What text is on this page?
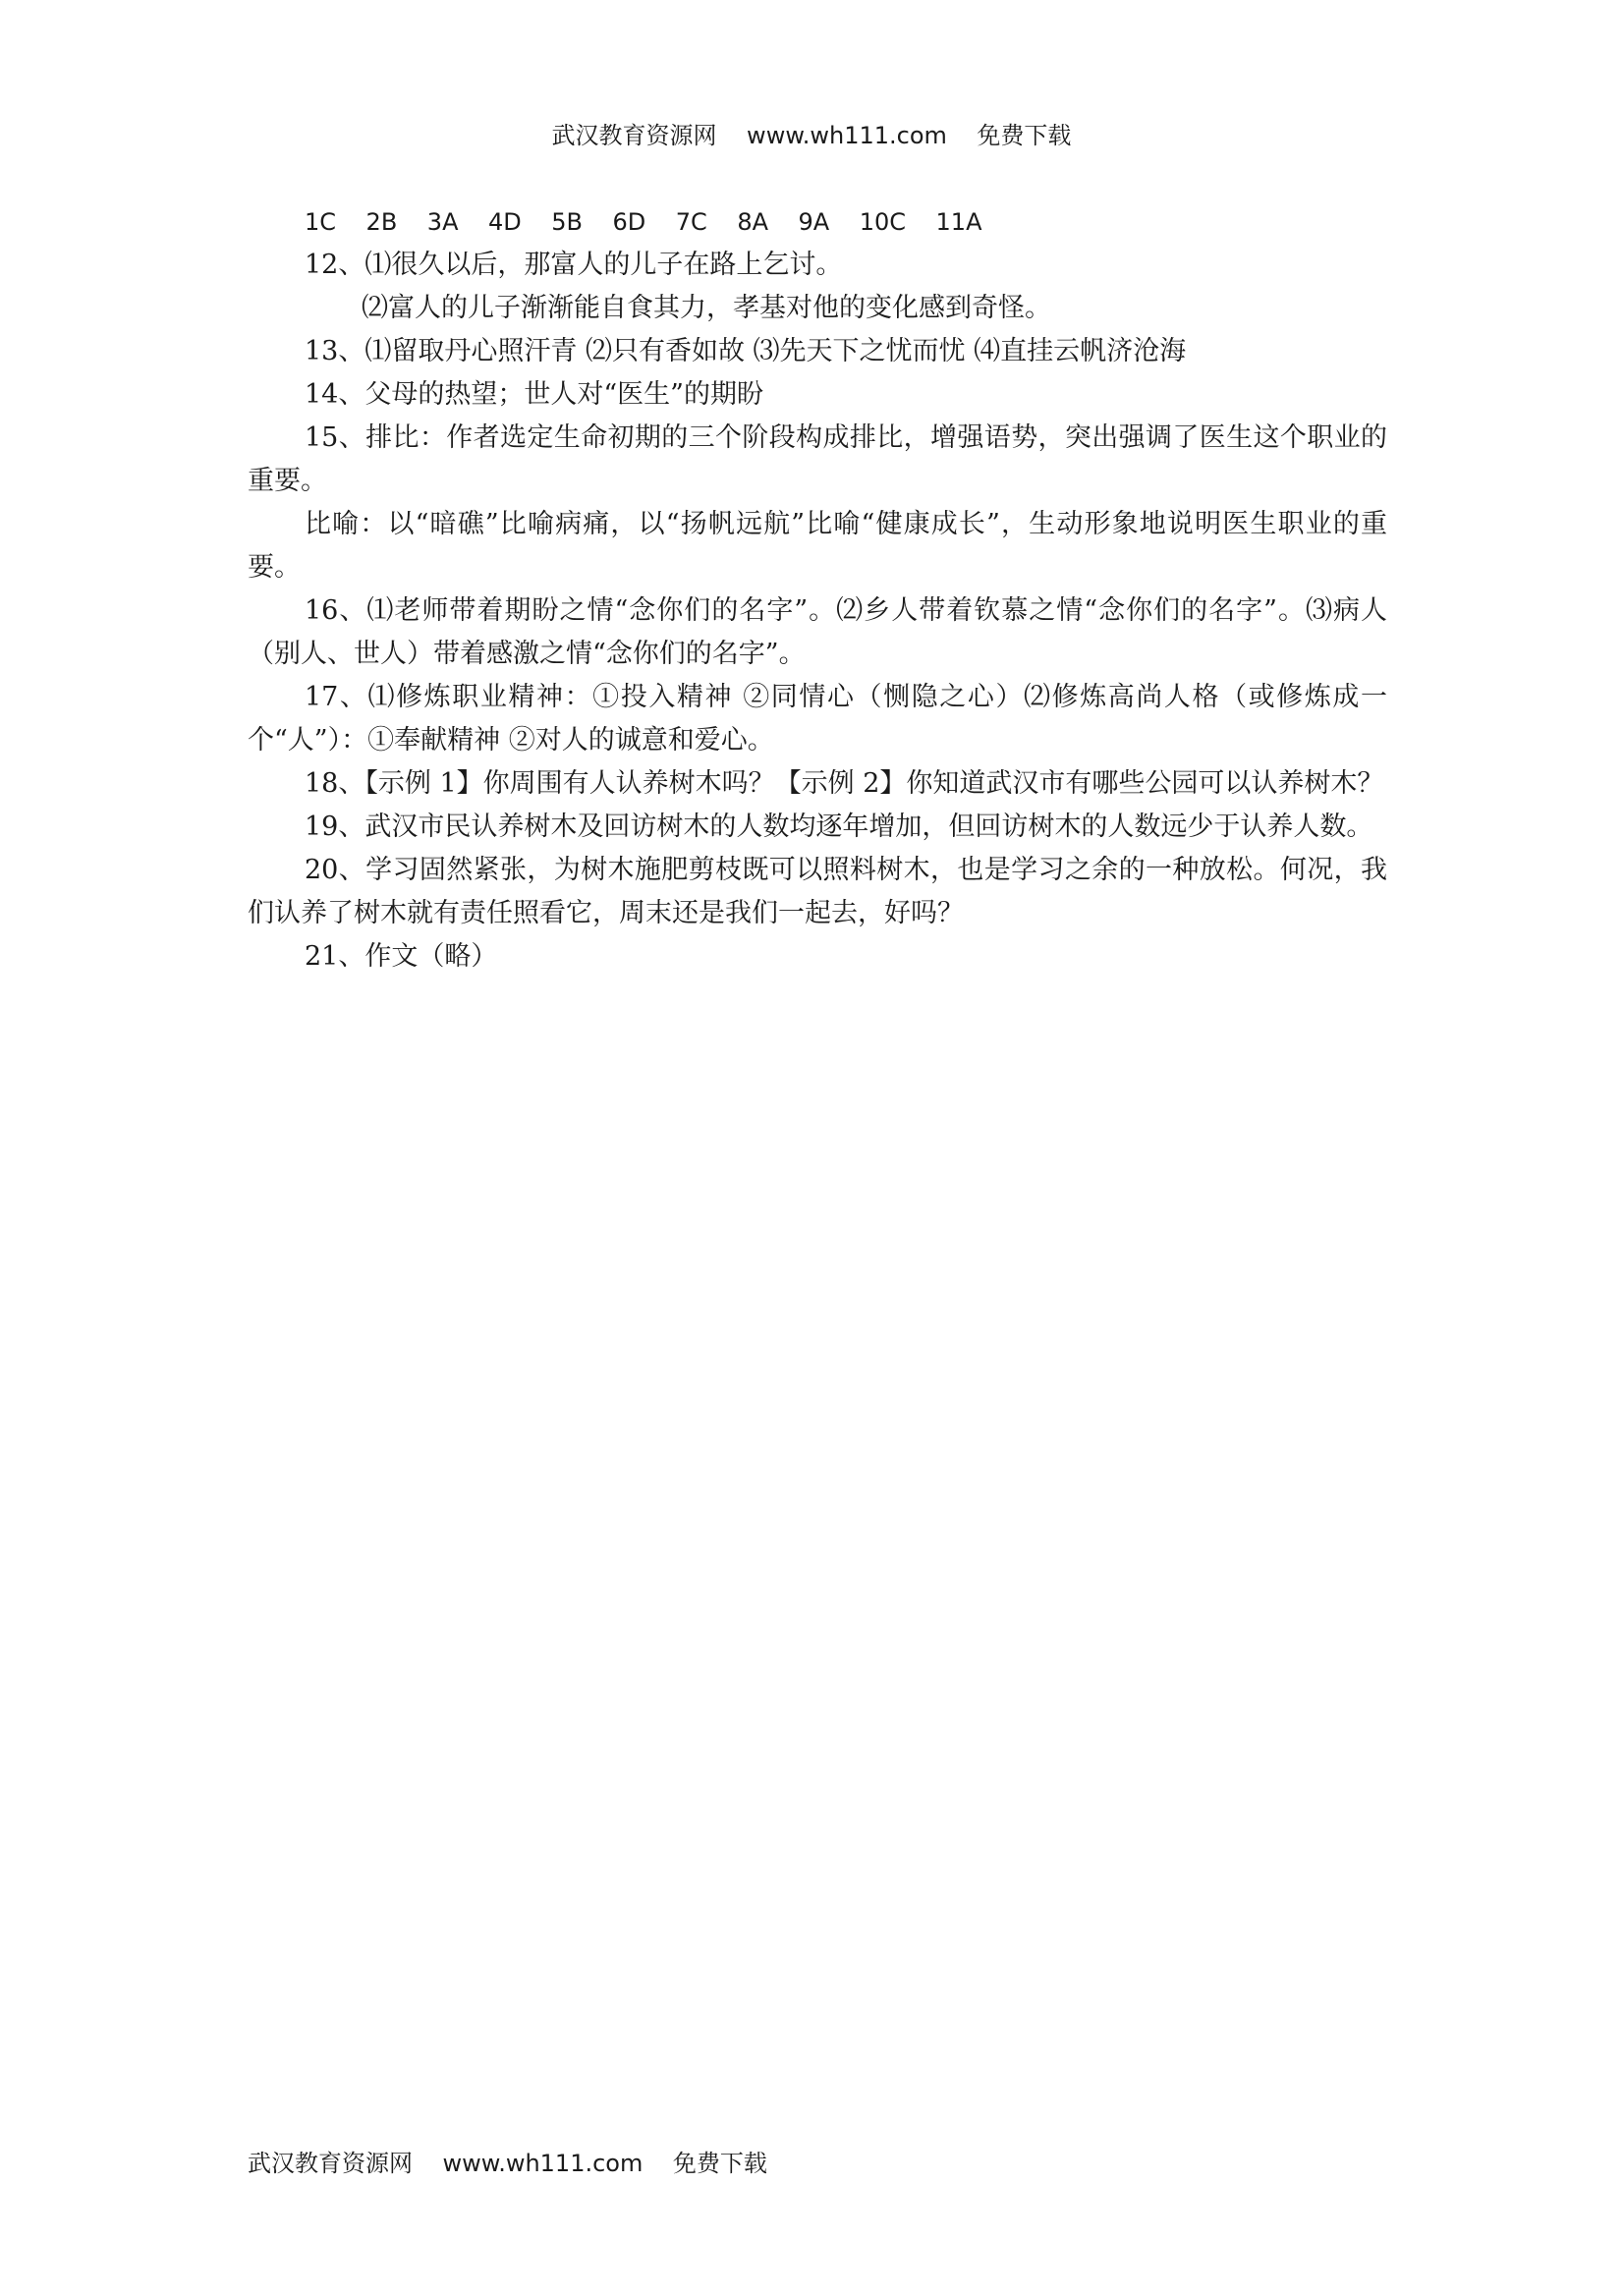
武汉教育资源网    www.wh111.com    免费下载
1C    2B    3A    4D    5B    6D    7C    8A    9A    10C    11A

12、⑴很久以后，那富人的儿子在路上乞讨。

⑵富人的儿子渐渐能自食其力，孝基对他的变化感到奇怪。

13、⑴留取丹心照汗青 ⑵只有香如故 ⑶先天下之忧而忧 ⑷直挂云帆济沧海

14、父母的热望；世人对“医生”的期盼

15、排比：作者选定生命初期的三个阶段构成排比，增强语势，突出强调了医生这个职业的重要。

比喻：以“暗礁”比喻病痛，以“扬帆远航”比喻“健康成长”，生动形象地说明医生职业的重要。

16、⑴老师带着期盼之情“念你们的名字”。⑵乡人带着钦慕之情“念你们的名字”。⑶病人（别人、世人）带着感激之情“念你们的名字”。

17、⑴修炼职业精神：①投入精神 ②同情心（恻隐之心）⑵修炼高尚人格（或修炼成一个“人”）：①奉献精神 ②对人的诚意和爱心。

18、【示例 1】你周围有人认养树木吗？【示例 2】你知道武汉市有哪些公园可以认养树木？

19、武汉市民认养树木及回访树木的人数均逐年增加，但回访树木的人数远少于认养人数。

20、学习固然紧张，为树木施肥剪枝既可以照料树木，也是学习之余的一种放松。何况，我们认养了树木就有责任照看它，周末还是我们一起去，好吗？

21、作文（略）

武汉教育资源网    www.wh111.com    免费下载
